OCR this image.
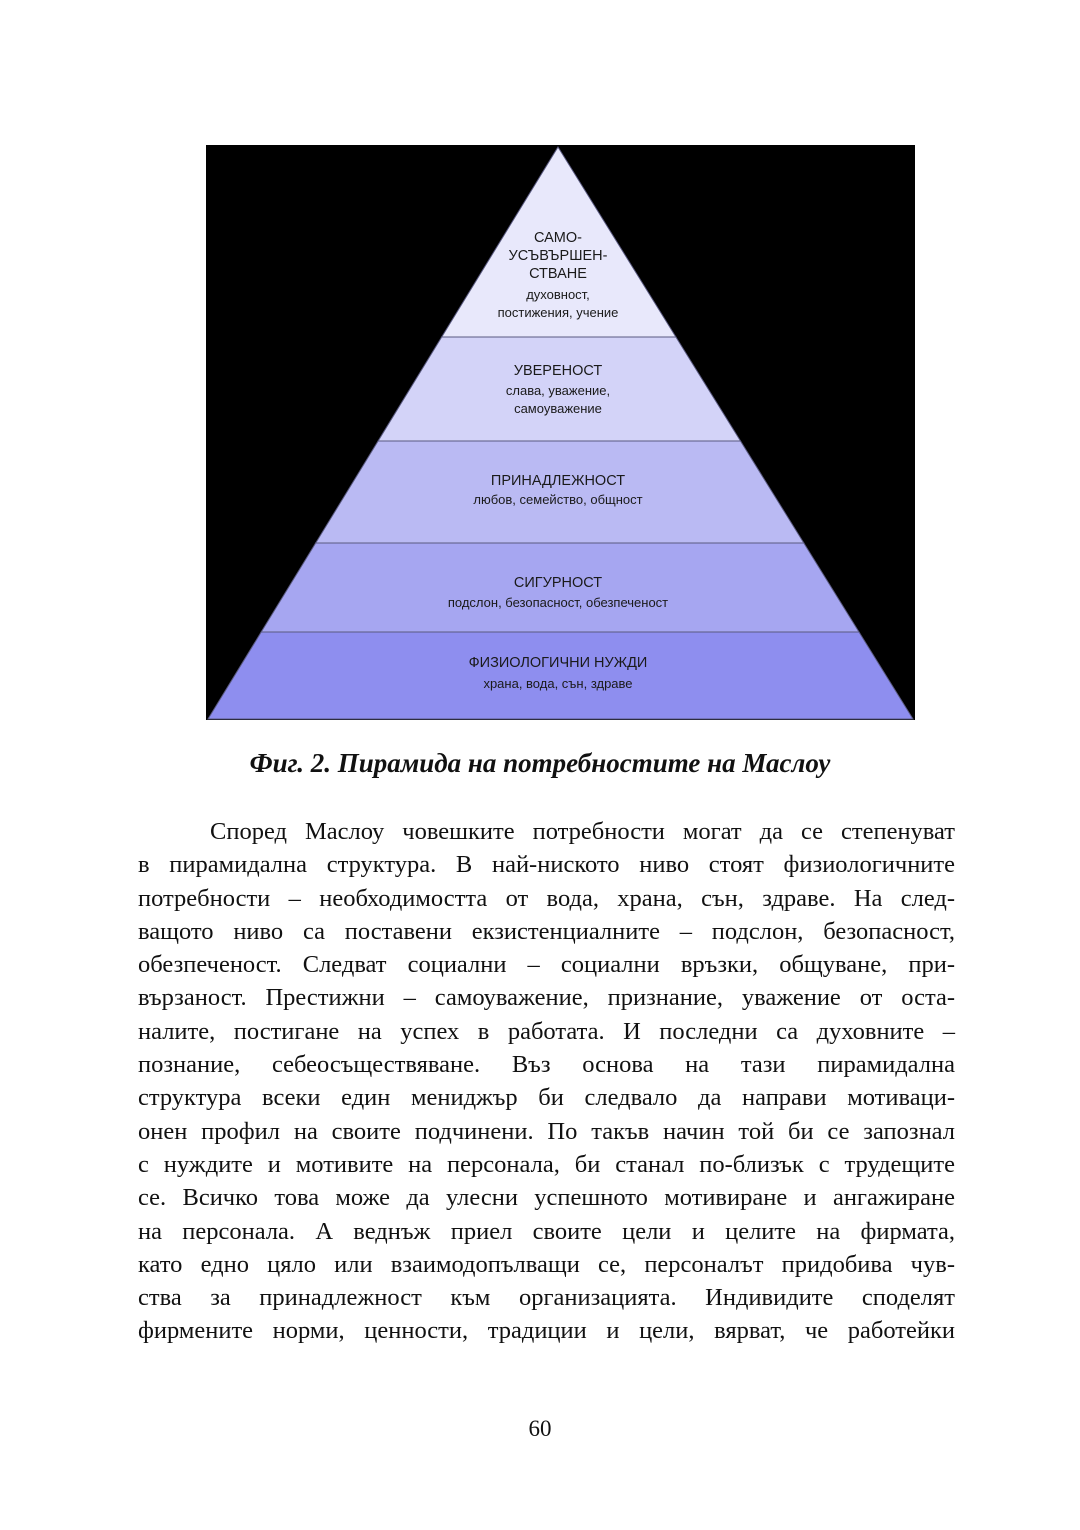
САМО-
УСЪВЪРШЕН-
СТВАНЕ
духовност,
постижения, учение
УВЕРЕНОСТ
слава, уважение,
самоуважение
ПРИНАДЛЕЖНОСТ
любов, семейство, общност
СИГУРНОСТ
подслон, безопасност, обезпеченост
ФИЗИОЛОГИЧНИ НУЖДИ
храна, вода, сън, здраве
Фиг. 2. Пирамида на потребностите на Маслоу
Според Маслоу човешките потребности могат да се степенуват
в пирамидална структура. В най-ниското ниво стоят физиологичните
потребности – необходимостта от вода, храна, сън, здраве. На след-
ващото ниво са поставени екзистенциалните – подслон, безопасност,
обезпеченост. Следват социални – социални връзки, общуване, при-
вързаност. Престижни – самоуважение, признание, уважение от оста-
налите, постигане на успех в работата. И последни са духовните –
познание, себеосъществяване. Въз основа на тази пирамидална
структура всеки един мениджър би следвало да направи мотиваци-
онен профил на своите подчинени. По такъв начин той би се запознал
с нуждите и мотивите на персонала, би станал по-близък с трудещите
се. Всичко това може да улесни успешното мотивиране и ангажиране
на персонала. А веднъж приел своите цели и целите на фирмата,
като едно цяло или взаимодопълващи се, персоналът придобива чув-
ства за принадлежност към организацията. Индивидите споделят
фирмените норми, ценности, традиции и цели, вярват, че работейки
60
